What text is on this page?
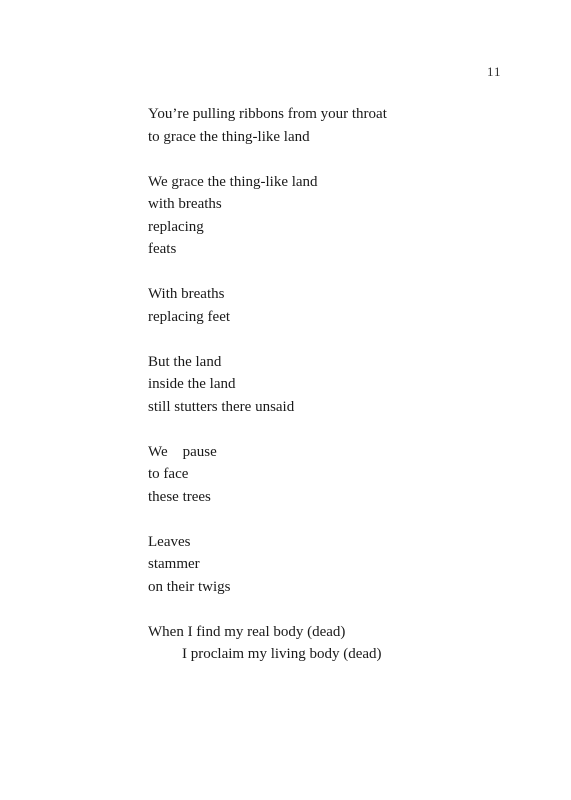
11
You’re pulling ribbons from your throat
to grace the thing-like land
We grace the thing-like land
with breaths
replacing
feats
With breaths
replacing feet
But the land
inside the land
still stutters there unsaid
We    pause
to face
these trees
Leaves
stammer
on their twigs
When I find my real body (dead)
I proclaim my living body (dead)
